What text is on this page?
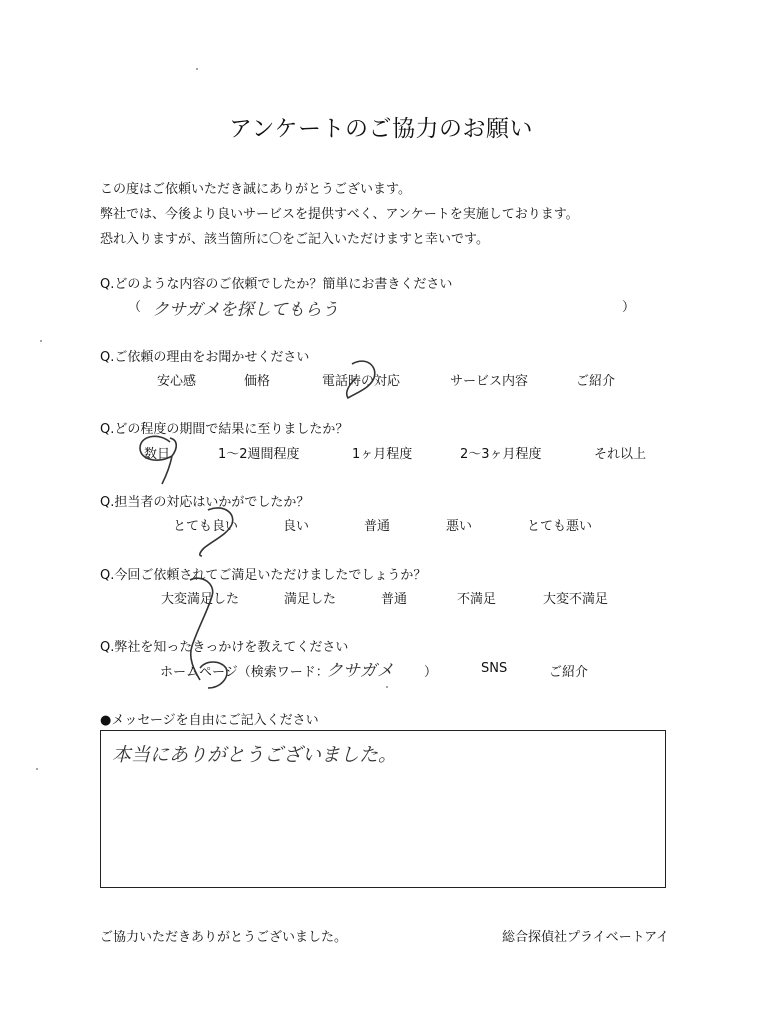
アンケートのご協力のお願い
この度はご依頼いただき誠にありがとうございます。
弊社では、今後より良いサービスを提供すべく、アンケートを実施しております。
恐れ入りますが、該当箇所に〇をご記入いただけますと幸いです。
Q.どのような内容のご依頼でしたか？簡単にお書きください
（ クサガメを探してもらう	）
Q.ご依頼の理由をお聞かせください
安心感	価格	電話時の対応	サービス内容	ご紹介
Q.どの程度の期間で結果に至りましたか？
数日	1～2週間程度	1ヶ月程度	2～3ヶ月程度	それ以上
Q.担当者の対応はいかがでしたか？
とても良い	良い	普通	悪い	とても悪い
Q.今回ご依頼されてご満足いただけましたでしょうか？
大変満足した	満足した	普通	不満足	大変不満足
Q.弊社を知ったきっかけを教えてください
ホームページ（検索ワード：
クサガメ ）	SNS	ご紹介
●メッセージを自由にご記入ください
本当にありがとうございました。
ご協力いただきありがとうございました。	総合探偵社プライベートアイ
